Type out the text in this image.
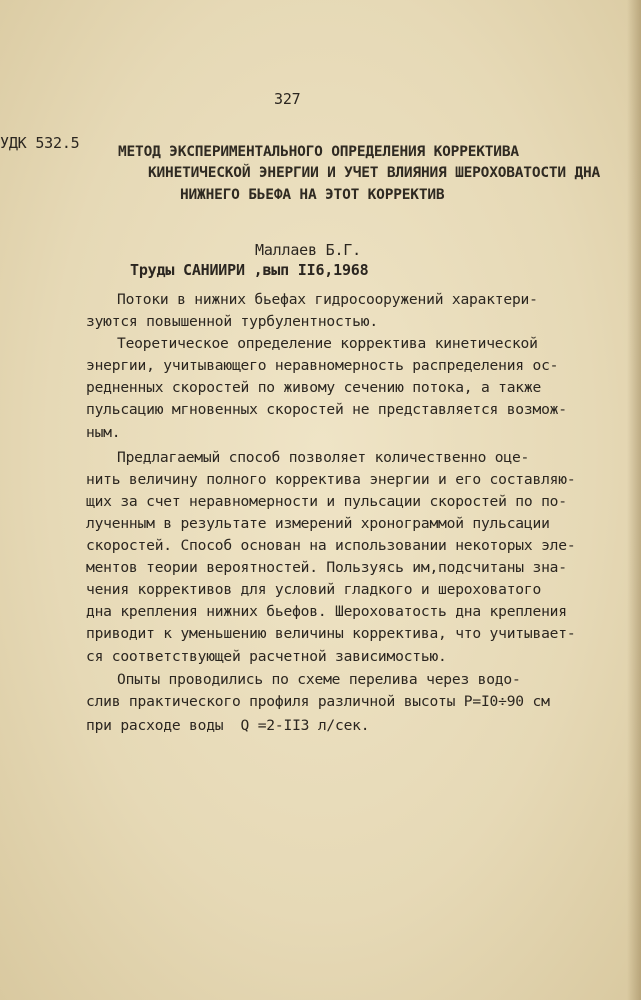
327
УДК 532.5	МЕТОД ЭКСПЕРИМЕНТАЛЬНОГО ОПРЕДЕЛЕНИЯ КОРРЕКТИВА
КИНЕТИЧЕСКОЙ ЭНЕРГИИ И УЧЕТ ВЛИЯНИЯ ШЕРОХОВАТОСТИ ДНА
НИЖНЕГО БЬЕФА НА ЭТОТ КОРРЕКТИВ
Маллаев Б.Г.
Труды САНИИРИ ,вып II6,1968
Потоки в нижних бьефах гидросооружений характери-
зуются повышенной турбулентностью.
Теоретическое определение корректива кинетической
энергии, учитывающего неравномерность распределения ос-
редненных скоростей по живому сечению потока, а также
пульсацию мгновенных скоростей не представляется возмож-
ным.
Предлагаемый способ позволяет количественно оце-
нить величину полного корректива энергии и его составляю-
щих за счет неравномерности и пульсации скоростей по по-
лученным в результате измерений хронограммой пульсации
скоростей. Способ основан на использовании некоторых эле-
ментов теории вероятностей. Пользуясь им,подсчитаны зна-
чения коррективов для условий гладкого и шероховатого
дна крепления нижних бьефов. Шероховатость дна крепления
приводит к уменьшению величины корректива, что учитывает-
ся соответствующей расчетной зависимостью.
Опыты проводились по схеме перелива через водо-
слив практического профиля различной высоты Р=I0÷90 см
при расходе воды  Q =2-II3 л/сек.
